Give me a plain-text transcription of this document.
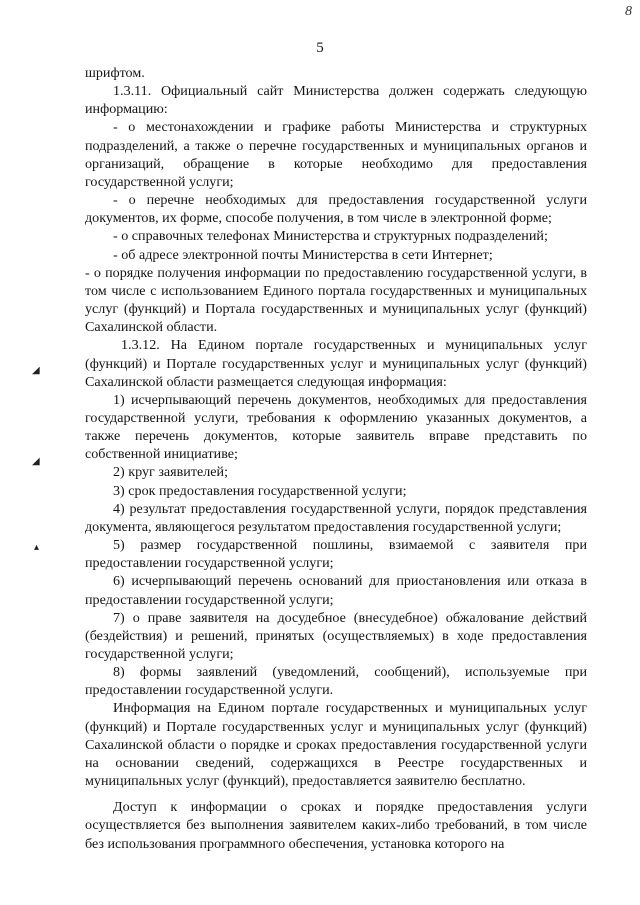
8
5
◢
◢
▴

шрифтом.

1.3.11. Официальный сайт Министерства должен содержать следующую информацию:

- о местонахождении и графике работы Министерства и структурных подразделений, а также о перечне государственных и муниципальных органов и организаций, обращение в которые необходимо для предоставления государственной услуги;

- о перечне необходимых для предоставления государственной услуги документов, их форме, способе получения, в том числе в электронной форме;

- о справочных телефонах Министерства и структурных подразделений;

- об адресе электронной почты Министерства в сети Интернет;

- о порядке получения информации по предоставлению государственной услуги, в том числе с использованием Единого портала государственных и муниципальных услуг (функций) и Портала государственных и муниципальных услуг (функций) Сахалинской области.

1.3.12. На Едином портале государственных и муниципальных услуг (функций) и Портале государственных услуг и муниципальных услуг (функций) Сахалинской области размещается следующая информация:

1) исчерпывающий перечень документов, необходимых для предоставления государственной услуги, требования к оформлению указанных документов, а также перечень документов, которые заявитель вправе представить по собственной инициативе;

2) круг заявителей;

3) срок предоставления государственной услуги;

4) результат предоставления государственной услуги, порядок представления документа, являющегося результатом предоставления государственной услуги;

5) размер государственной пошлины, взимаемой с заявителя при предоставлении государственной услуги;

6) исчерпывающий перечень оснований для приостановления или отказа в предоставлении государственной услуги;

7) о праве заявителя на досудебное (внесудебное) обжалование действий (бездействия) и решений, принятых (осуществляемых) в ходе предоставления государственной услуги;

8) формы заявлений (уведомлений, сообщений), используемые при предоставлении государственной услуги.

Информация на Едином портале государственных и муниципальных услуг (функций) и Портале государственных услуг и муниципальных услуг (функций) Сахалинской области о порядке и сроках предоставления государственной услуги на основании сведений, содержащихся в Реестре государственных и муниципальных услуг (функций), предоставляется заявителю бесплатно.

Доступ к информации о сроках и порядке предоставления услуги осуществляется без выполнения заявителем каких-либо требований, в том числе без использования программного обеспечения, установка которого на
